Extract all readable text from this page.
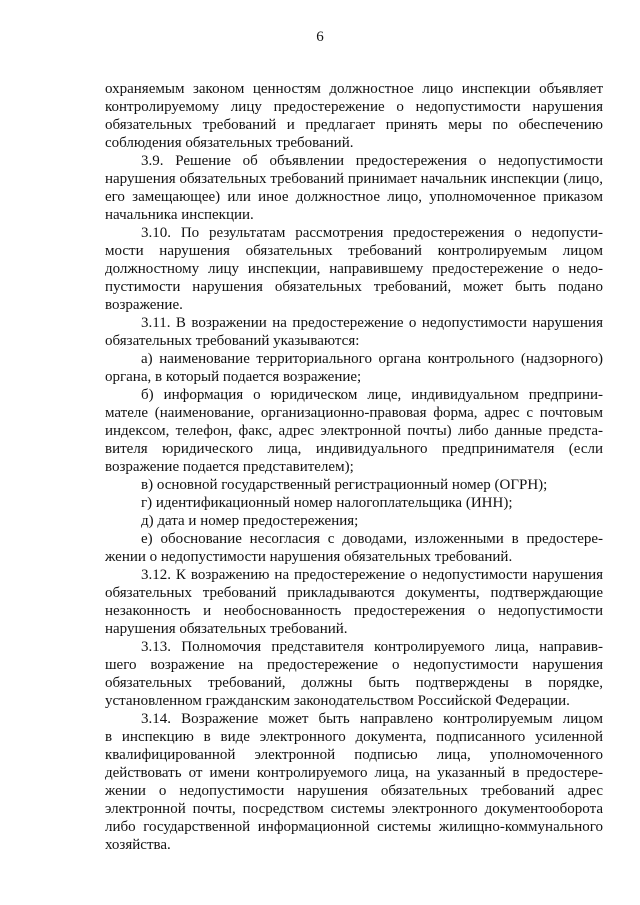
6
охраняемым законом ценностям должностное лицо инспекции объявляет
контролируемому лицу предостережение о недопустимости нарушения
обязательных требований и предлагает принять меры по обеспечению
соблюдения обязательных требований.
3.9. Решение об объявлении предостережения о недопустимости
нарушения обязательных требований принимает начальник инспекции (лицо,
его замещающее) или иное должностное лицо, уполномоченное приказом
начальника инспекции.
3.10. По результатам рассмотрения предостережения о недопусти-
мости нарушения обязательных требований контролируемым лицом
должностному лицу инспекции, направившему предостережение о недо-
пустимости нарушения обязательных требований, может быть подано
возражение.
3.11. В возражении на предостережение о недопустимости нарушения
обязательных требований указываются:
а) наименование территориального органа контрольного (надзорного)
органа, в который подается возражение;
б) информация о юридическом лице, индивидуальном предприни-
мателе (наименование, организационно-правовая форма, адрес с почтовым
индексом, телефон, факс, адрес электронной почты) либо данные предста-
вителя юридического лица, индивидуального предпринимателя (если
возражение подается представителем);
в) основной государственный регистрационный номер (ОГРН);
г) идентификационный номер налогоплательщика (ИНН);
д) дата и номер предостережения;
е) обоснование несогласия с доводами, изложенными в предостере-
жении о недопустимости нарушения обязательных требований.
3.12. К возражению на предостережение о недопустимости нарушения
обязательных требований прикладываются документы, подтверждающие
незаконность и необоснованность предостережения о недопустимости
нарушения обязательных требований.
3.13. Полномочия представителя контролируемого лица, направив-
шего возражение на предостережение о недопустимости нарушения
обязательных требований, должны быть подтверждены в порядке,
установленном гражданским законодательством Российской Федерации.
3.14. Возражение может быть направлено контролируемым лицом
в инспекцию в виде электронного документа, подписанного усиленной
квалифицированной электронной подписью лица, уполномоченного
действовать от имени контролируемого лица, на указанный в предостере-
жении о недопустимости нарушения обязательных требований адрес
электронной почты, посредством системы электронного документооборота
либо государственной информационной системы жилищно-коммунального
хозяйства.
